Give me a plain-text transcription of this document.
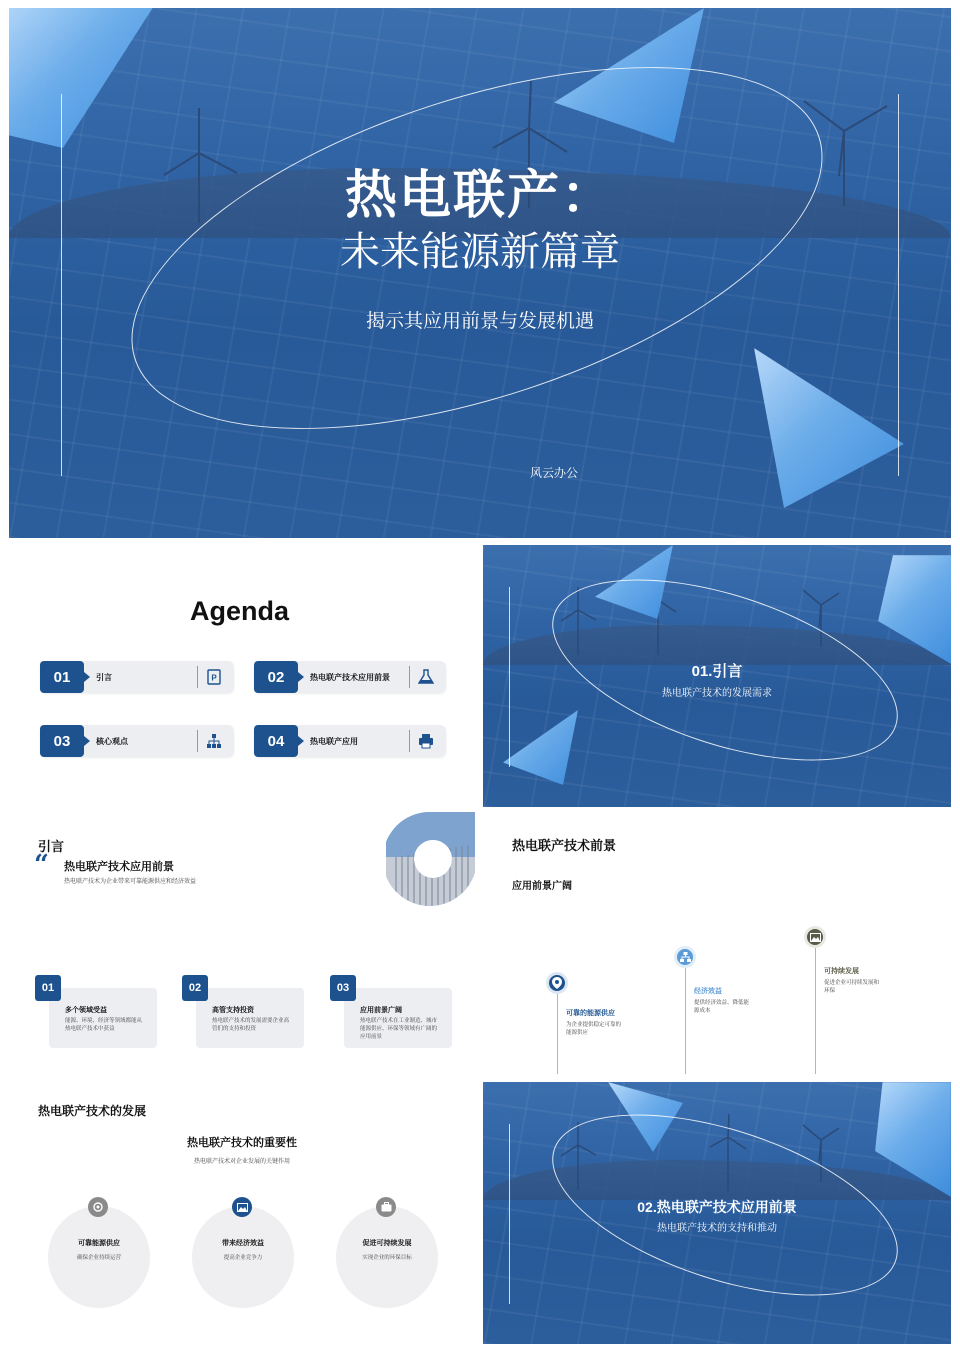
热电联产：
未来能源新篇章
揭示其应用前景与发展机遇
风云办公
Agenda
01	引言	P	02	热电联产技术应用前景
03	核心观点	04	热电联产应用
01.引言
热电联产技术的发展需求
引言
“ 热电联产技术应用前景
热电联产技术为企业带来可靠能源供应和经济效益
01
多个领域受益
能源、环境、经济等领域都能从热电联产技术中获益
02
高管支持投资
热电联产技术的发展需要企业高管们的支持和投资
03
应用前景广阔
热电联产技术在工业制造、城市能源供应、环保等领域有广阔的应用前景
热电联产技术前景
应用前景广阔
可靠的能源供应
为企业提供稳定可靠的能源供应
经济效益
提供经济效益、降低能源成本
可持续发展
促进企业可持续发展和环保
热电联产技术的发展
热电联产技术的重要性
热电联产技术对企业发展的关键作用
可靠能源供应
确保企业持续运营
带来经济效益
提高企业竞争力
促进可持续发展
实现企业的环保目标
02.热电联产技术应用前景
热电联产技术的支持和推动
